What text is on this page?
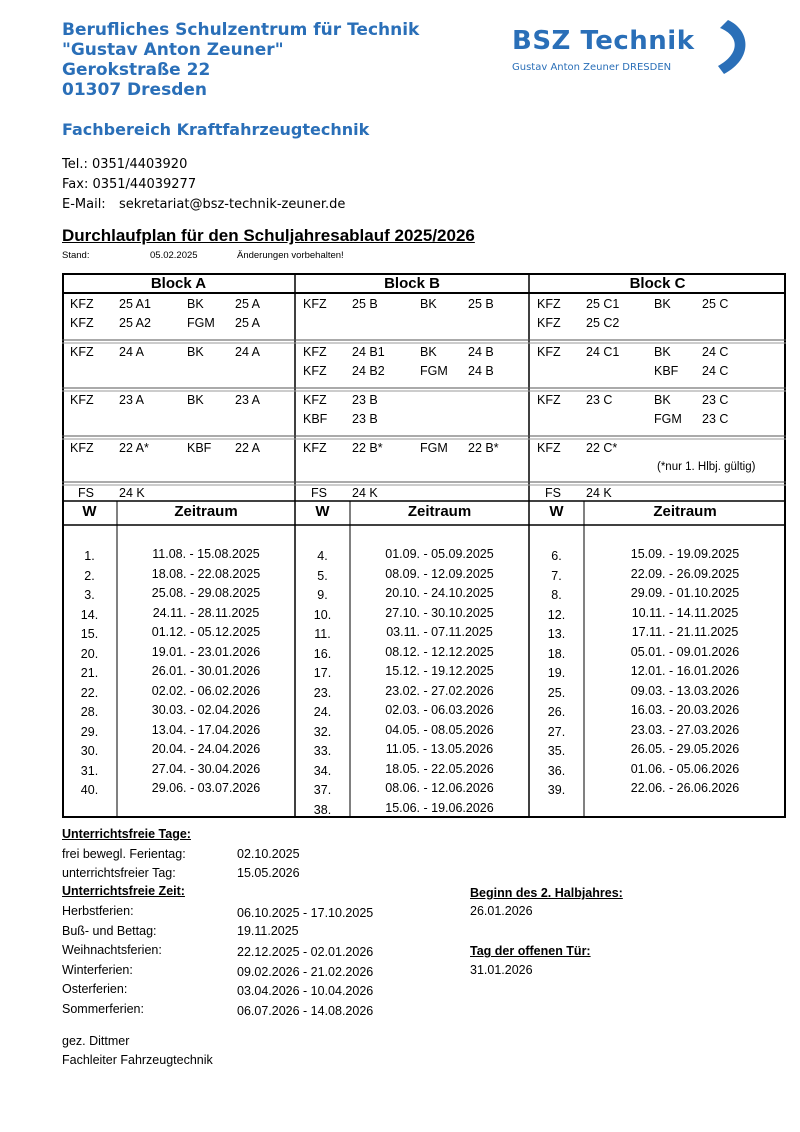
Berufliches Schulzentrum für Technik
"Gustav Anton Zeuner"
Gerokstraße 22
01307 Dresden
Fachbereich Kraftfahrzeugtechnik
BSZ Technik
Gustav Anton Zeuner DRESDEN
Tel.: 0351/4403920
Fax: 0351/44039277
E-Mail: sekretariat@bsz-technik-zeuner.de
Durchlaufplan für den Schuljahresablauf 2025/2026
Stand:	05.02.2025	Änderungen vorbehalten!
Block A
KFZ 25 A1	BK	25 A
KFZ 25 A2	FGM 25 A
KFZ 24 A	BK	24 A
KFZ 23 A	BK	23 A
KFZ 22 A*	KBF 22 A
FS 24 K
W	Zeitraum
1.	11.08. - 15.08.2025
2.	18.08. - 22.08.2025
3.	25.08. - 29.08.2025
14.	24.11. - 28.11.2025
15.	01.12. - 05.12.2025
20.	19.01. - 23.01.2026
21.	26.01. - 30.01.2026
22.	02.02. - 06.02.2026
28.	30.03. - 02.04.2026
29.	13.04. - 17.04.2026
30.	20.04. - 24.04.2026
31.	27.04. - 30.04.2026
40.	29.06. - 03.07.2026
Block B
KFZ 25 B	BK	25 B
KFZ 24 B1	BK	24 B
KFZ 24 B2	FGM 24 B
KFZ 23 B
KBF 23 B
KFZ 22 B*	FGM 22 B*
FS 24 K
W	Zeitraum
4.	01.09. - 05.09.2025
5.	08.09. - 12.09.2025
9.	20.10. - 24.10.2025
10.	27.10. - 30.10.2025
11.	03.11. - 07.11.2025
16.	08.12. - 12.12.2025
17.	15.12. - 19.12.2025
23.	23.02. - 27.02.2026
24.	02.03. - 06.03.2026
32.	04.05. - 08.05.2026
33.	11.05. - 13.05.2026
34.	18.05. - 22.05.2026
37.	08.06. - 12.06.2026
38.	15.06. - 19.06.2026
Block C
KFZ 25 C1	BK	25 C
KFZ 25 C2
KFZ 24 C1	BK	24 C
KBF 24 C
KFZ 23 C	BK	23 C
FGM 23 C
KFZ 22 C*
FS 24 K
W	Zeitraum
6.	15.09. - 19.09.2025
7.	22.09. - 26.09.2025
8.	29.09. - 01.10.2025
12.	10.11. - 14.11.2025
13.	17.11. - 21.11.2025
18.	05.01. - 09.01.2026
19.	12.01. - 16.01.2026
25.	09.03. - 13.03.2026
26.	16.03. - 20.03.2026
27.	23.03. - 27.03.2026
35.	26.05. - 29.05.2026
36.	01.06. - 05.06.2026
39.	22.06. - 26.06.2026
(*nur 1. Hlbj. gültig)
Unterrichtsfreie Tage:
frei bewegl. Ferientag:	02.10.2025
unterrichtsfreier Tag:	15.05.2026
Unterrichtsfreie Zeit:
Herbstferien:	06.10.2025 - 17.10.2025
Buß- und Bettag:	19.11.2025
Weihnachtsferien:	22.12.2025 - 02.01.2026
Winterferien:	09.02.2026 - 21.02.2026
Osterferien:	03.04.2026 - 10.04.2026
Sommerferien:	06.07.2026 - 14.08.2026
Beginn des 2. Halbjahres:
26.01.2026
Tag der offenen Tür:
31.01.2026
gez. Dittmer
Fachleiter Fahrzeugtechnik
